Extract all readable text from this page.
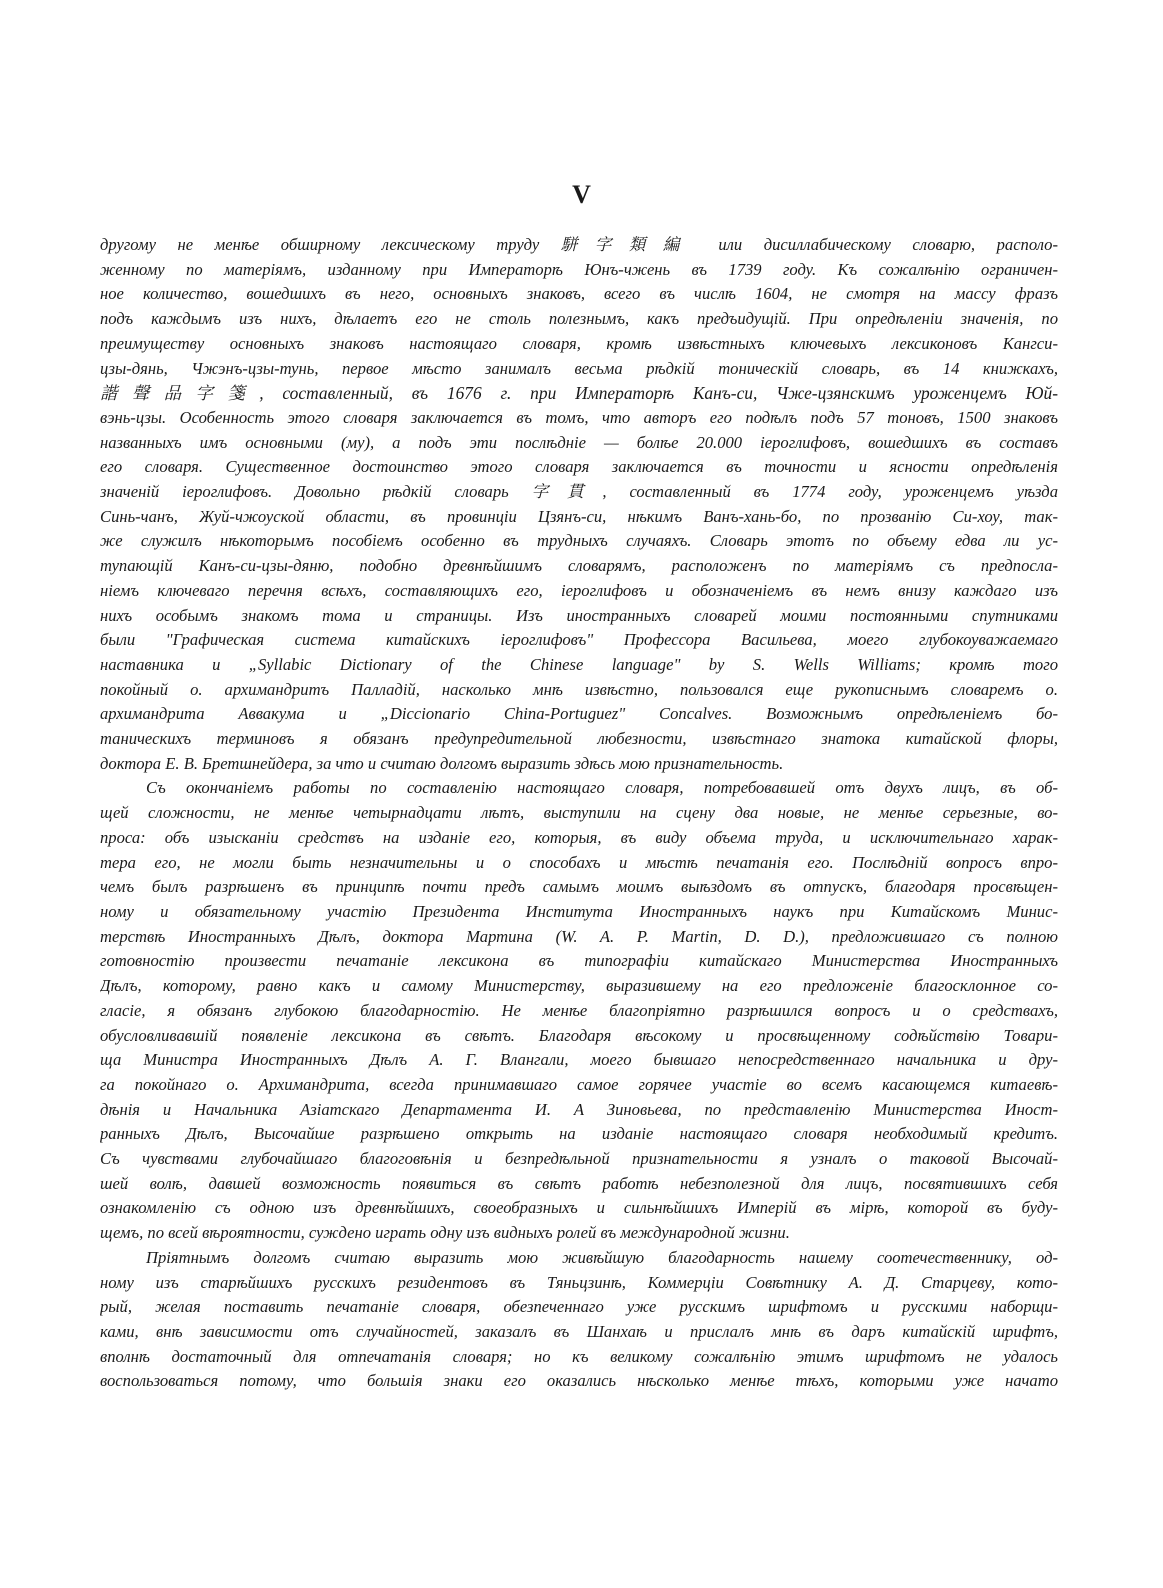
V
другому не менѣе обширному лексическому труду 駢字類編 или дисиллабическому словарю, располо-
женному по матеріямъ, изданному при Императорѣ Юнъ-чжень въ 1739 году. Къ сожалѣнію ограничен-
ное количество, вошедшихъ въ него, основныхъ знаковъ, всего въ числѣ 1604, не смотря на массу фразъ
подъ каждымъ изъ нихъ, дѣлаетъ его не столь полезнымъ, какъ предъидущій. При опредѣленіи значенія, по
преимуществу основныхъ знаковъ настоящаго словаря, кромѣ извѣстныхъ ключевыхъ лексиконовъ Кангси-
цзы-дянь, Чжэнъ-цзы-тунь, первое мѣсто занималъ весьма рѣдкій тоническій словарь, въ 14 книжкахъ,
諧聲品字箋, составленный, въ 1676 г. при Императорѣ Канъ-си, Чже-цзянскимъ уроженцемъ Юй-
вэнь-цзы. Особенность этого словаря заключается въ томъ, что авторъ его подѣлъ подъ 57 тоновъ, 1500 знаковъ
названныхъ имъ основными (му), а подъ эти послѣдніе — болѣе 20.000 іероглифовъ, вошедшихъ въ составъ
его словаря. Существенное достоинство этого словаря заключается въ точности и ясности опредѣленія
значеній іероглифовъ. Довольно рѣдкій словарь 字貫, составленный въ 1774 году, уроженцемъ уѣзда
Синь-чанъ, Жуй-чжоуской области, въ провинціи Цзянъ-си, нѣкимъ Ванъ-хань-бо, по прозванію Си-хоу, так-
же служилъ нѣкоторымъ пособіемъ особенно въ трудныхъ случаяхъ. Словарь этотъ по объему едва ли ус-
тупающій Канъ-си-цзы-дяню, подобно древнѣйшимъ словарямъ, расположенъ по матеріямъ съ предпосла-
ніемъ ключеваго перечня всѣхъ, составляющихъ его, іероглифовъ и обозначеніемъ въ немъ внизу каждаго изъ
нихъ особымъ знакомъ тома и страницы. Изъ иностранныхъ словарей моими постоянными спутниками
были "Графическая система китайскихъ іероглифовъ" Профессора Васильева, моего глубокоуважаемаго
наставника и „Syllabic Dictionary of the Chinese language" by S. Wells Williams; кромѣ того
покойный о. архимандритъ Палладій, насколько мнѣ извѣстно, пользовался еще рукописнымъ словаремъ о.
архимандрита Аввакума и „Diccionario China-Portuguez" Concalves. Возможнымъ опредѣленіемъ бо-
таническихъ терминовъ я обязанъ предупредительной любезности, извѣстнаго знатока китайской флоры,
доктора Е. В. Бретшнейдера, за что и считаю долгомъ выразить здѣсь мою признательность.
Съ окончаніемъ работы по составленію настоящаго словаря, потребовавшей отъ двухъ лицъ, въ об-
щей сложности, не менѣе четырнадцати лѣтъ, выступили на сцену два новые, не менѣе серьезные, во-
проса: объ изысканіи средствъ на изданіе его, которыя, въ виду объема труда, и исключительнаго харак-
тера его, не могли быть незначительны и о способахъ и мѣстѣ печатанія его. Послѣдній вопросъ впро-
чемъ былъ разрѣшенъ въ принципѣ почти предъ самымъ моимъ выѣздомъ въ отпускъ, благодаря просвѣщен-
ному и обязательному участію Президента Института Иностранныхъ наукъ при Китайскомъ Минис-
терствѣ Иностранныхъ Дѣлъ, доктора Мартина (W. A. P. Martin, D. D.), предложившаго съ полною
готовностію произвести печатаніе лексикона въ типографіи китайскаго Министерства Иностранныхъ
Дѣлъ, которому, равно какъ и самому Министерству, выразившему на его предложеніе благосклонное со-
гласіе, я обязанъ глубокою благодарностію. Не менѣе благопріятно разрѣшился вопросъ и о средствахъ,
обусловливавшій появленіе лексикона въ свѣтъ. Благодаря вѣсокому и просвѣщенному содѣйствію Товари-
ща Министра Иностранныхъ Дѣлъ А. Г. Влангали, моего бывшаго непосредственнаго начальника и дру-
га покойнаго о. Архимандрита, всегда принимавшаго самое горячее участіе во всемъ касающемся китаевѣ-
дѣнія и Начальника Азіатскаго Департамента И. А Зиновьева, по представленію Министерства Иност-
ранныхъ Дѣлъ, Высочайше разрѣшено открыть на изданіе настоящаго словаря необходимый кредитъ.
Съ чувствами глубочайшаго благоговѣнія и безпредѣльной признательности я узналъ о таковой Высочай-
шей волѣ, давшей возможность появиться въ свѣтъ работѣ небезполезной для лицъ, посвятившихъ себя
ознакомленію съ одною изъ древнѣйшихъ, своеобразныхъ и сильнѣйшихъ Имперій въ мірѣ, которой въ буду-
щемъ, по всей вѣроятности, суждено играть одну изъ видныхъ ролей въ международной жизни.
Пріятнымъ долгомъ считаю выразить мою живѣйшую благодарность нашему соотечественнику, од-
ному изъ старѣйшихъ русскихъ резидентовъ въ Тяньцзинѣ, Коммерціи Совѣтнику А. Д. Старцеву, кото-
рый, желая поставить печатаніе словаря, обезпеченнаго уже русскимъ шрифтомъ и русскими наборщи-
ками, внѣ зависимости отъ случайностей, заказалъ въ Шанхаѣ и прислалъ мнѣ въ даръ китайскій шрифтъ,
вполнѣ достаточный для отпечатанія словаря; но къ великому сожалѣнію этимъ шрифтомъ не удалось
воспользоваться потому, что большія знаки его оказались нѣсколько менѣе тѣхъ, которыми уже начато
